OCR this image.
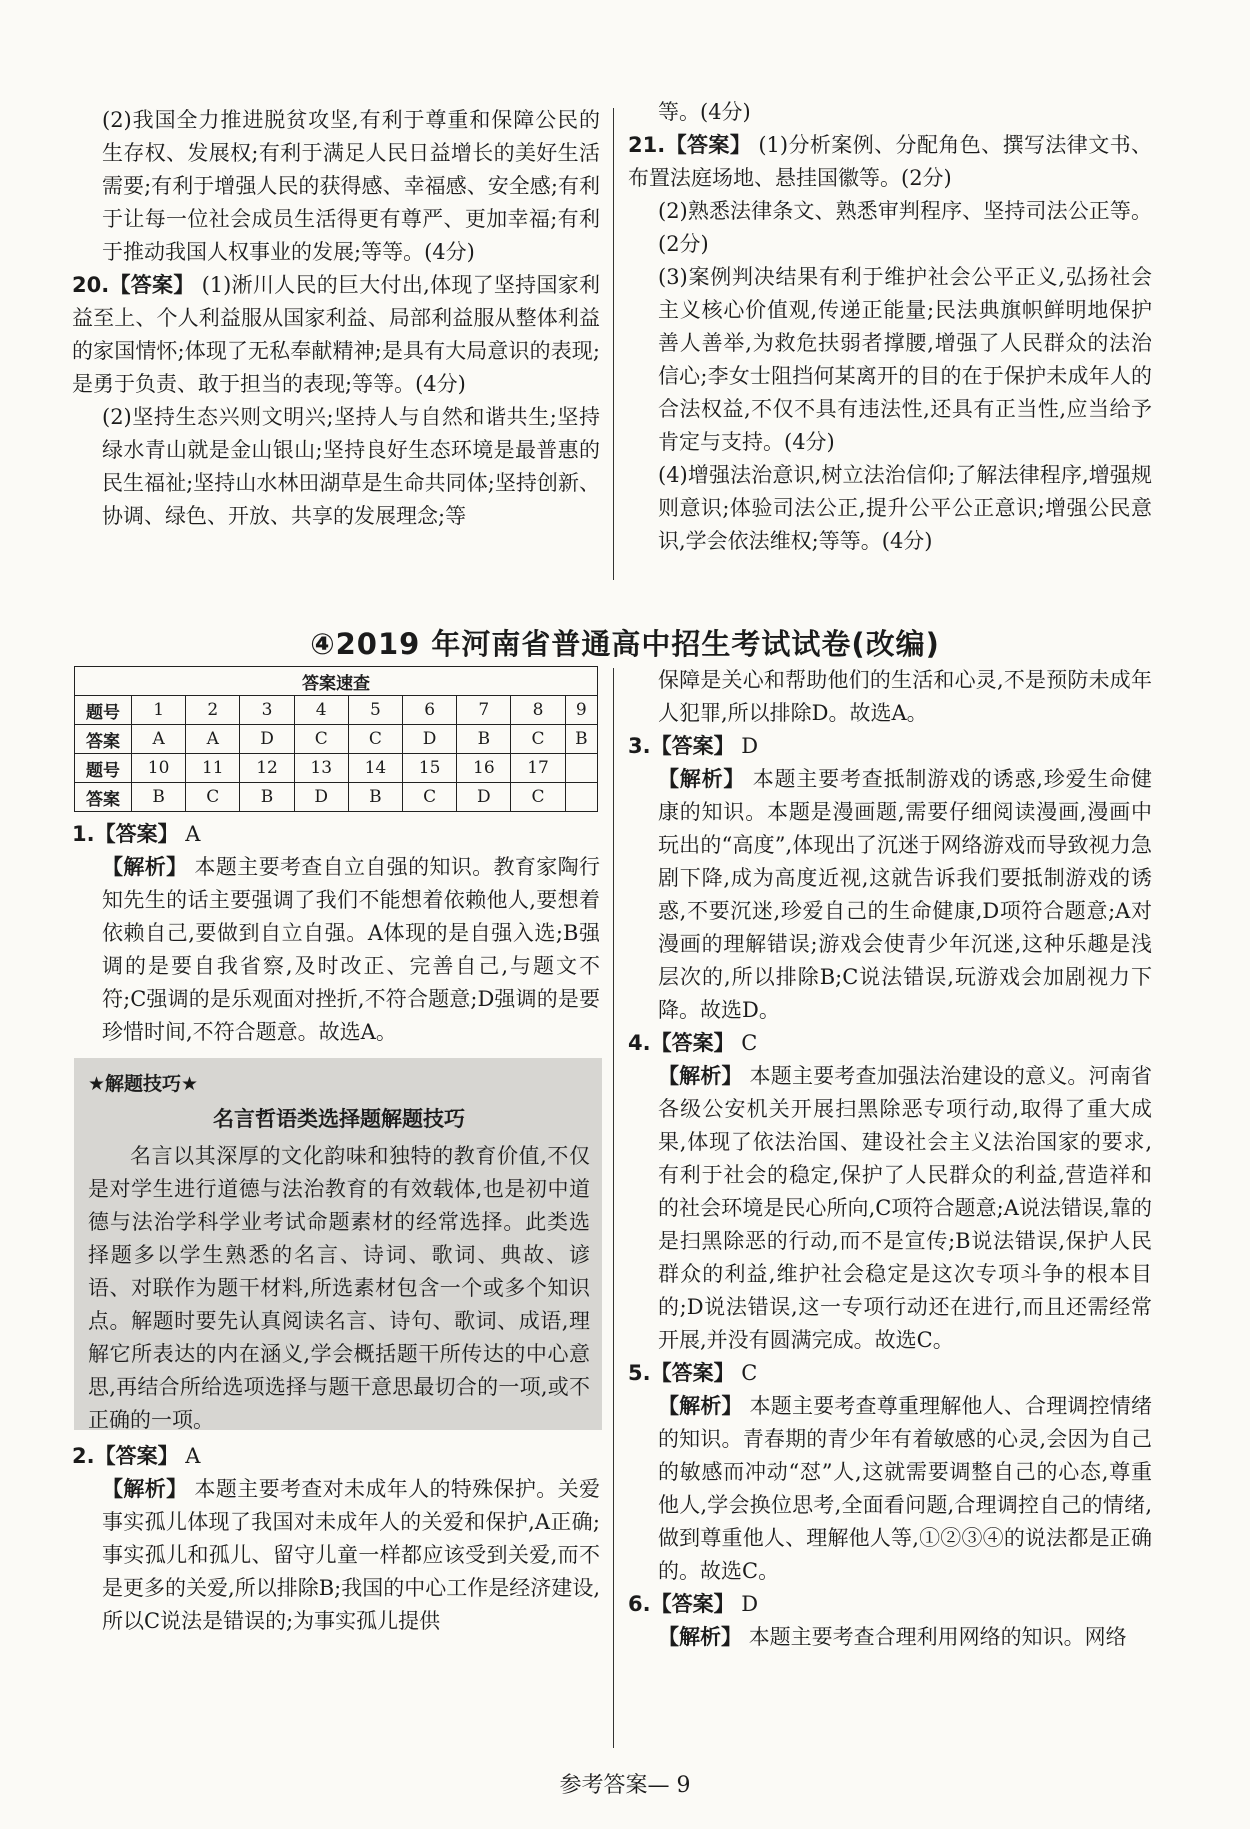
(2)我国全力推进脱贫攻坚,有利于尊重和保障公民的生存权、发展权;有利于满足人民日益增长的美好生活需要;有利于增强人民的获得感、幸福感、安全感;有利于让每一位社会成员生活得更有尊严、更加幸福;有利于推动我国人权事业的发展;等等。(4分)

20.【答案】 (1)淅川人民的巨大付出,体现了坚持国家利益至上、个人利益服从国家利益、局部利益服从整体利益的家国情怀;体现了无私奉献精神;是具有大局意识的表现;是勇于负责、敢于担当的表现;等等。(4分)

(2)坚持生态兴则文明兴;坚持人与自然和谐共生;坚持绿水青山就是金山银山;坚持良好生态环境是最普惠的民生福祉;坚持山水林田湖草是生命共同体;坚持创新、协调、绿色、开放、共享的发展理念;等

等。(4分)

21.【答案】 (1)分析案例、分配角色、撰写法律文书、布置法庭场地、悬挂国徽等。(2分)

(2)熟悉法律条文、熟悉审判程序、坚持司法公正等。(2分)

(3)案例判决结果有利于维护社会公平正义,弘扬社会主义核心价值观,传递正能量;民法典旗帜鲜明地保护善人善举,为救危扶弱者撑腰,增强了人民群众的法治信心;李女士阻挡何某离开的目的在于保护未成年人的合法权益,不仅不具有违法性,还具有正当性,应当给予肯定与支持。(4分)

(4)增强法治意识,树立法治信仰;了解法律程序,增强规则意识;体验司法公正,提升公平公正意识;增强公民意识,学会依法维权;等等。(4分)

④2019 年河南省普通高中招生考试试卷(改编)
答案速查									
题号	1	2	3	4	5	6	7	8	9
答案	A	A	D	C	C	D	B	C	B
题号	10	11	12	13	14	15	16	17	
答案	B	C	B	D	B	C	D	C	

1.【答案】 A

【解析】 本题主要考查自立自强的知识。教育家陶行知先生的话主要强调了我们不能想着依赖他人,要想着依赖自己,要做到自立自强。A体现的是自强入选;B强调的是要自我省察,及时改正、完善自己,与题文不符;C强调的是乐观面对挫折,不符合题意;D强调的是要珍惜时间,不符合题意。故选A。

★解题技巧★
名言哲语类选择题解题技巧

名言以其深厚的文化韵味和独特的教育价值,不仅是对学生进行道德与法治教育的有效载体,也是初中道德与法治学科学业考试命题素材的经常选择。此类选择题多以学生熟悉的名言、诗词、歌词、典故、谚语、对联作为题干材料,所选素材包含一个或多个知识点。解题时要先认真阅读名言、诗句、歌词、成语,理解它所表达的内在涵义,学会概括题干所传达的中心意思,再结合所给选项选择与题干意思最切合的一项,或不正确的一项。

2.【答案】 A

【解析】 本题主要考查对未成年人的特殊保护。关爱事实孤儿体现了我国对未成年人的关爱和保护,A正确;事实孤儿和孤儿、留守儿童一样都应该受到关爱,而不是更多的关爱,所以排除B;我国的中心工作是经济建设,所以C说法是错误的;为事实孤儿提供

保障是关心和帮助他们的生活和心灵,不是预防未成年人犯罪,所以排除D。故选A。

3.【答案】 D

【解析】 本题主要考查抵制游戏的诱惑,珍爱生命健康的知识。本题是漫画题,需要仔细阅读漫画,漫画中玩出的“高度”,体现出了沉迷于网络游戏而导致视力急剧下降,成为高度近视,这就告诉我们要抵制游戏的诱惑,不要沉迷,珍爱自己的生命健康,D项符合题意;A对漫画的理解错误;游戏会使青少年沉迷,这种乐趣是浅层次的,所以排除B;C说法错误,玩游戏会加剧视力下降。故选D。

4.【答案】 C

【解析】 本题主要考查加强法治建设的意义。河南省各级公安机关开展扫黑除恶专项行动,取得了重大成果,体现了依法治国、建设社会主义法治国家的要求,有利于社会的稳定,保护了人民群众的利益,营造祥和的社会环境是民心所向,C项符合题意;A说法错误,靠的是扫黑除恶的行动,而不是宣传;B说法错误,保护人民群众的利益,维护社会稳定是这次专项斗争的根本目的;D说法错误,这一专项行动还在进行,而且还需经常开展,并没有圆满完成。故选C。

5.【答案】 C

【解析】 本题主要考查尊重理解他人、合理调控情绪的知识。青春期的青少年有着敏感的心灵,会因为自己的敏感而冲动“怼”人,这就需要调整自己的心态,尊重他人,学会换位思考,全面看问题,合理调控自己的情绪,做到尊重他人、理解他人等,①②③④的说法都是正确的。故选C。

6.【答案】 D

【解析】 本题主要考查合理利用网络的知识。网络

参考答案— 9
